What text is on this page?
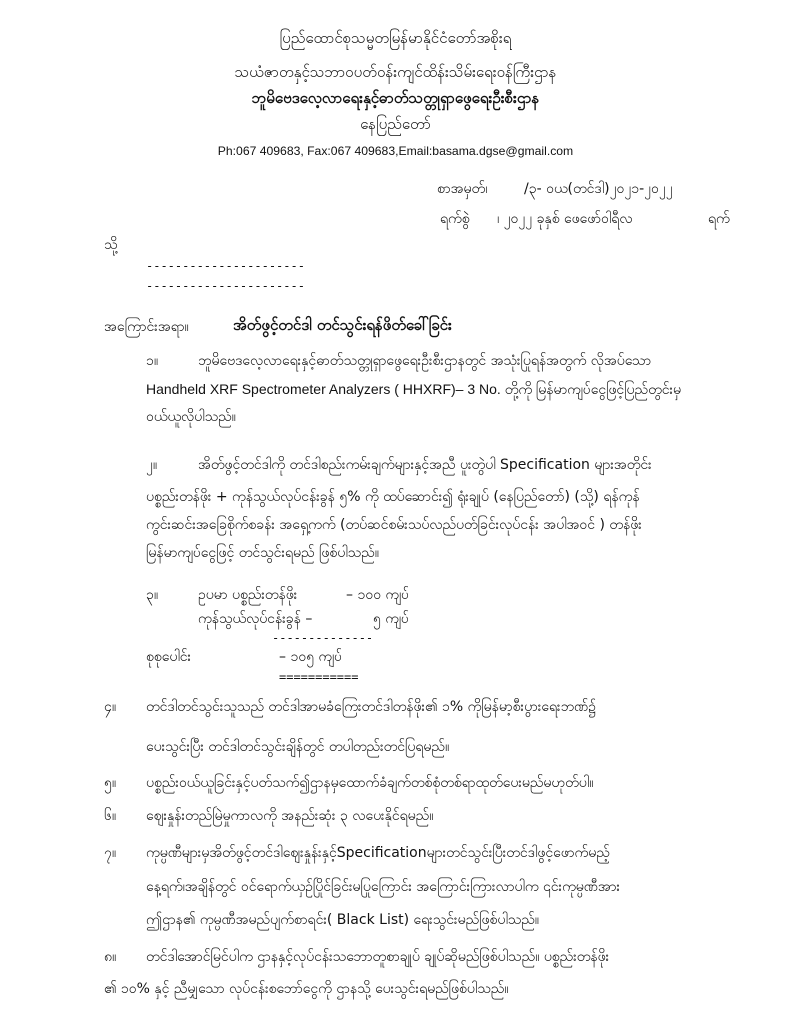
ပြည်ထောင်စုသမ္မတမြန်မာနိုင်ငံတော်အစိုးရ
သယံဇာတနှင့်သဘာဝပတ်ဝန်းကျင်ထိန်းသိမ်းရေးဝန်ကြီးဌာန
ဘူမိဗေဒလေ့လာရေးနှင့်ဓာတ်သတ္တုရှာဖွေရေးဦးစီးဌာန
နေပြည်တော်
Ph:067 409683, Fax:067 409683,Email:basama.dgse@gmail.com
စာအမှတ်၊	/၃- ဝယ(တင်ဒါ)၂၀၂၁-၂၀၂၂
ရက်စွဲ ၊ ၂၀၂၂ ခုနှစ် ဖေဖော်ဝါရီလ	ရက်
သို့
----------------------
----------------------
အကြောင်းအရာ။	အိတ်ဖွင့်တင်ဒါ တင်သွင်းရန်ဖိတ်ခေါ်ခြင်း
၁။	ဘူမိဗေဒလေ့လာရေးနှင့်ဓာတ်သတ္တုရှာဖွေရေးဦးစီးဌာနတွင် အသုံးပြုရန်အတွက် လိုအပ်သော
Handheld XRF Spectrometer Analyzers ( HHXRF)– 3 No. တို့ကို မြန်မာကျပ်ငွေဖြင့်ပြည်တွင်းမှ
ဝယ်ယူလိုပါသည်။
၂။	အိတ်ဖွင့်တင်ဒါကို တင်ဒါစည်းကမ်းချက်များနှင့်အညီ ပူးတွဲပါ Specification များအတိုင်း
ပစ္စည်းတန်ဖိုး + ကုန်သွယ်လုပ်ငန်းခွန် ၅% ကို ထပ်ဆောင်း၍ ရုံးချုပ် (နေပြည်တော်) (သို့) ရန်ကုန်
ကွင်းဆင်းအခြေစိုက်စခန်း အရှေ့ကက် (တပ်ဆင်စမ်းသပ်လည်ပတ်ခြင်းလုပ်ငန်း အပါအဝင် ) တန်ဖိုး
မြန်မာကျပ်ငွေဖြင့် တင်သွင်းရမည် ဖြစ်ပါသည်။
၃။	ဥပမာ ပစ္စည်းတန်ဖိုး	– ၁၀၀ ကျပ်
ကုန်သွယ်လုပ်ငန်းခွန် –	၅ ကျပ်
--------------
စုစုပေါင်း	– ၁၀၅ ကျပ်
===========
၄။ တင်ဒါတင်သွင်းသူသည် တင်ဒါအာမခံကြေးတင်ဒါတန်ဖိုး၏ ၁% ကိုမြန်မာ့စီးပွားရေးဘဏ်၌
ပေးသွင်းပြီး တင်ဒါတင်သွင်းချိန်တွင် တပါတည်းတင်ပြရမည်။
၅။ ပစ္စည်းဝယ်ယူခြင်းနှင့်ပတ်သက်၍ဌာနမှထောက်ခံချက်တစ်စုံတစ်ရာထုတ်ပေးမည်မဟုတ်ပါ။
၆။ ဈေးနှုန်းတည်မြဲမှုကာလကို အနည်းဆုံး ၃ လပေးနိုင်ရမည်။
၇။ ကုမ္ပဏီများမှအိတ်ဖွင့်တင်ဒါဈေးနှုန်းနှင့်Specificationများတင်သွင်းပြီးတင်ဒါဖွင့်ဖောက်မည့်
နေ့ရက်၊အချိန်တွင် ဝင်ရောက်ယှဉ်ပြိုင်ခြင်းမပြုကြောင်း အကြောင်းကြားလာပါက ၎င်းကုမ္ပဏီအား
ဤဌာန၏ ကုမ္ပဏီအမည်ပျက်စာရင်း( Black List) ရေးသွင်းမည်ဖြစ်ပါသည်။
၈။ တင်ဒါအောင်မြင်ပါက ဌာနနှင့်လုပ်ငန်းသဘောတူစာချုပ် ချုပ်ဆိုမည်ဖြစ်ပါသည်။ ပစ္စည်းတန်ဖိုး
၏ ၁၀% နှင့် ညီမျှသော လုပ်ငန်းစဘော်ငွေကို ဌာနသို့ ပေးသွင်းရမည်ဖြစ်ပါသည်။
